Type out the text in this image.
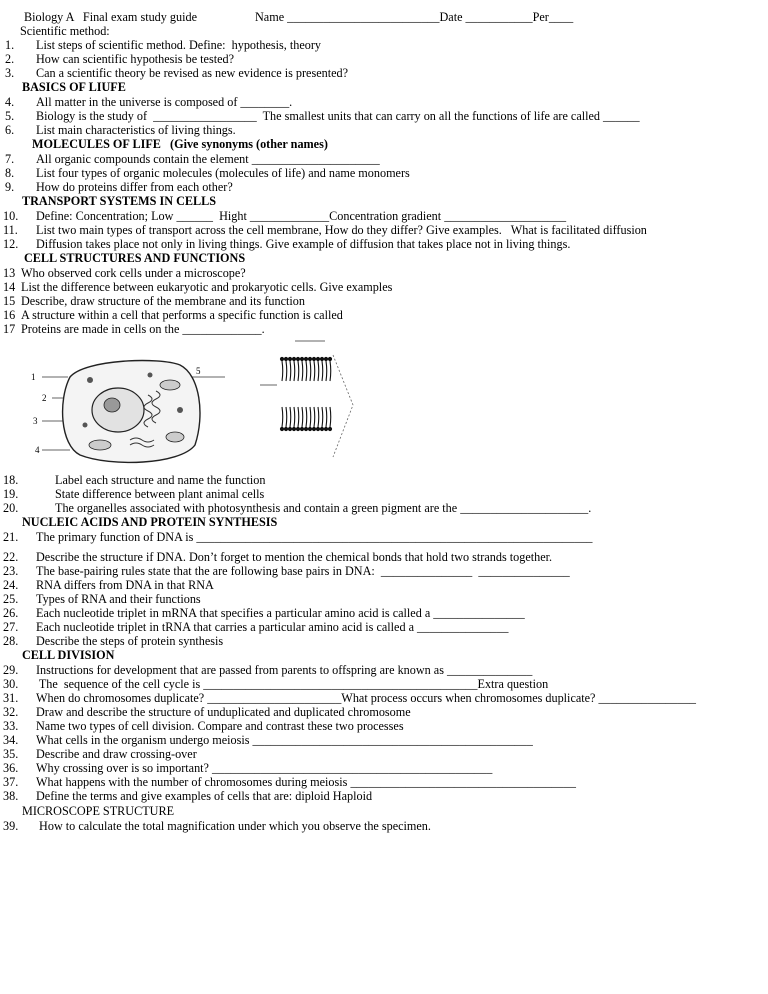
Biology A   Final exam study guide	Name _________________________Date ___________Per____
Scientific method:
1. List steps of scientific method. Define:  hypothesis, theory
2. How can scientific hypothesis be tested?
3. Can a scientific theory be revised as new evidence is presented?
BASICS OF LIUFE
4. All matter in the universe is composed of ________.
5. Biology is the study of  _________________  The smallest units that can carry on all the functions of life are called ______
6. List main characteristics of living things.
MOLECULES OF LIFE   (Give synonyms (other names)
7. All organic compounds contain the element _____________________
8. List four types of organic molecules (molecules of life) and name monomers
9. How do proteins differ from each other?
TRANSPORT SYSTEMS IN CELLS
10. Define: Concentration; Low ______  Hight _____________Concentration gradient ____________________
11. List two main types of transport across the cell membrane, How do they differ? Give examples.   What is facilitated diffusion
12. Diffusion takes place not only in living things. Give example of diffusion that takes place not in living things.
CELL STRUCTURES AND FUNCTIONS
13 Who observed cork cells under a microscope?
14 List the difference between eukaryotic and prokaryotic cells. Give examples
15 Describe, draw structure of the membrane and its function
16 A structure within a cell that performs a specific function is called
17 Proteins are made in cells on the _____________.
1
2
3
4
5
18.	Label each structure and name the function
19.	State difference between plant animal cells
20.	The organelles associated with photosynthesis and contain a green pigment are the _____________________.
NUCLEIC ACIDS AND PROTEIN SYNTHESIS
21. The primary function of DNA is _________________________________________________________________
22. Describe the structure if DNA. Don’t forget to mention the chemical bonds that hold two strands together.
23. The base-pairing rules state that the are following base pairs in DNA:  _______________  _______________
24. RNA differs from DNA in that RNA
25. Types of RNA and their functions
26. Each nucleotide triplet in mRNA that specifies a particular amino acid is called a _______________
27. Each nucleotide triplet in tRNA that carries a particular amino acid is called a _______________
28. Describe the steps of protein synthesis
CELL DIVISION
29. Instructions for development that are passed from parents to offspring are known as ______________
30. The  sequence of the cell cycle is _____________________________________________Extra question
31. When do chromosomes duplicate? ______________________What process occurs when chromosomes duplicate? ________________
32. Draw and describe the structure of unduplicated and duplicated chromosome
33. Name two types of cell division. Compare and contrast these two processes
34. What cells in the organism undergo meiosis ______________________________________________
35. Describe and draw crossing-over
36. Why crossing over is so important? ______________________________________________
37. What happens with the number of chromosomes during meiosis _____________________________________
38. Define the terms and give examples of cells that are: diploid Haploid
MICROSCOPE STRUCTURE
39. How to calculate the total magnification under which you observe the specimen.
